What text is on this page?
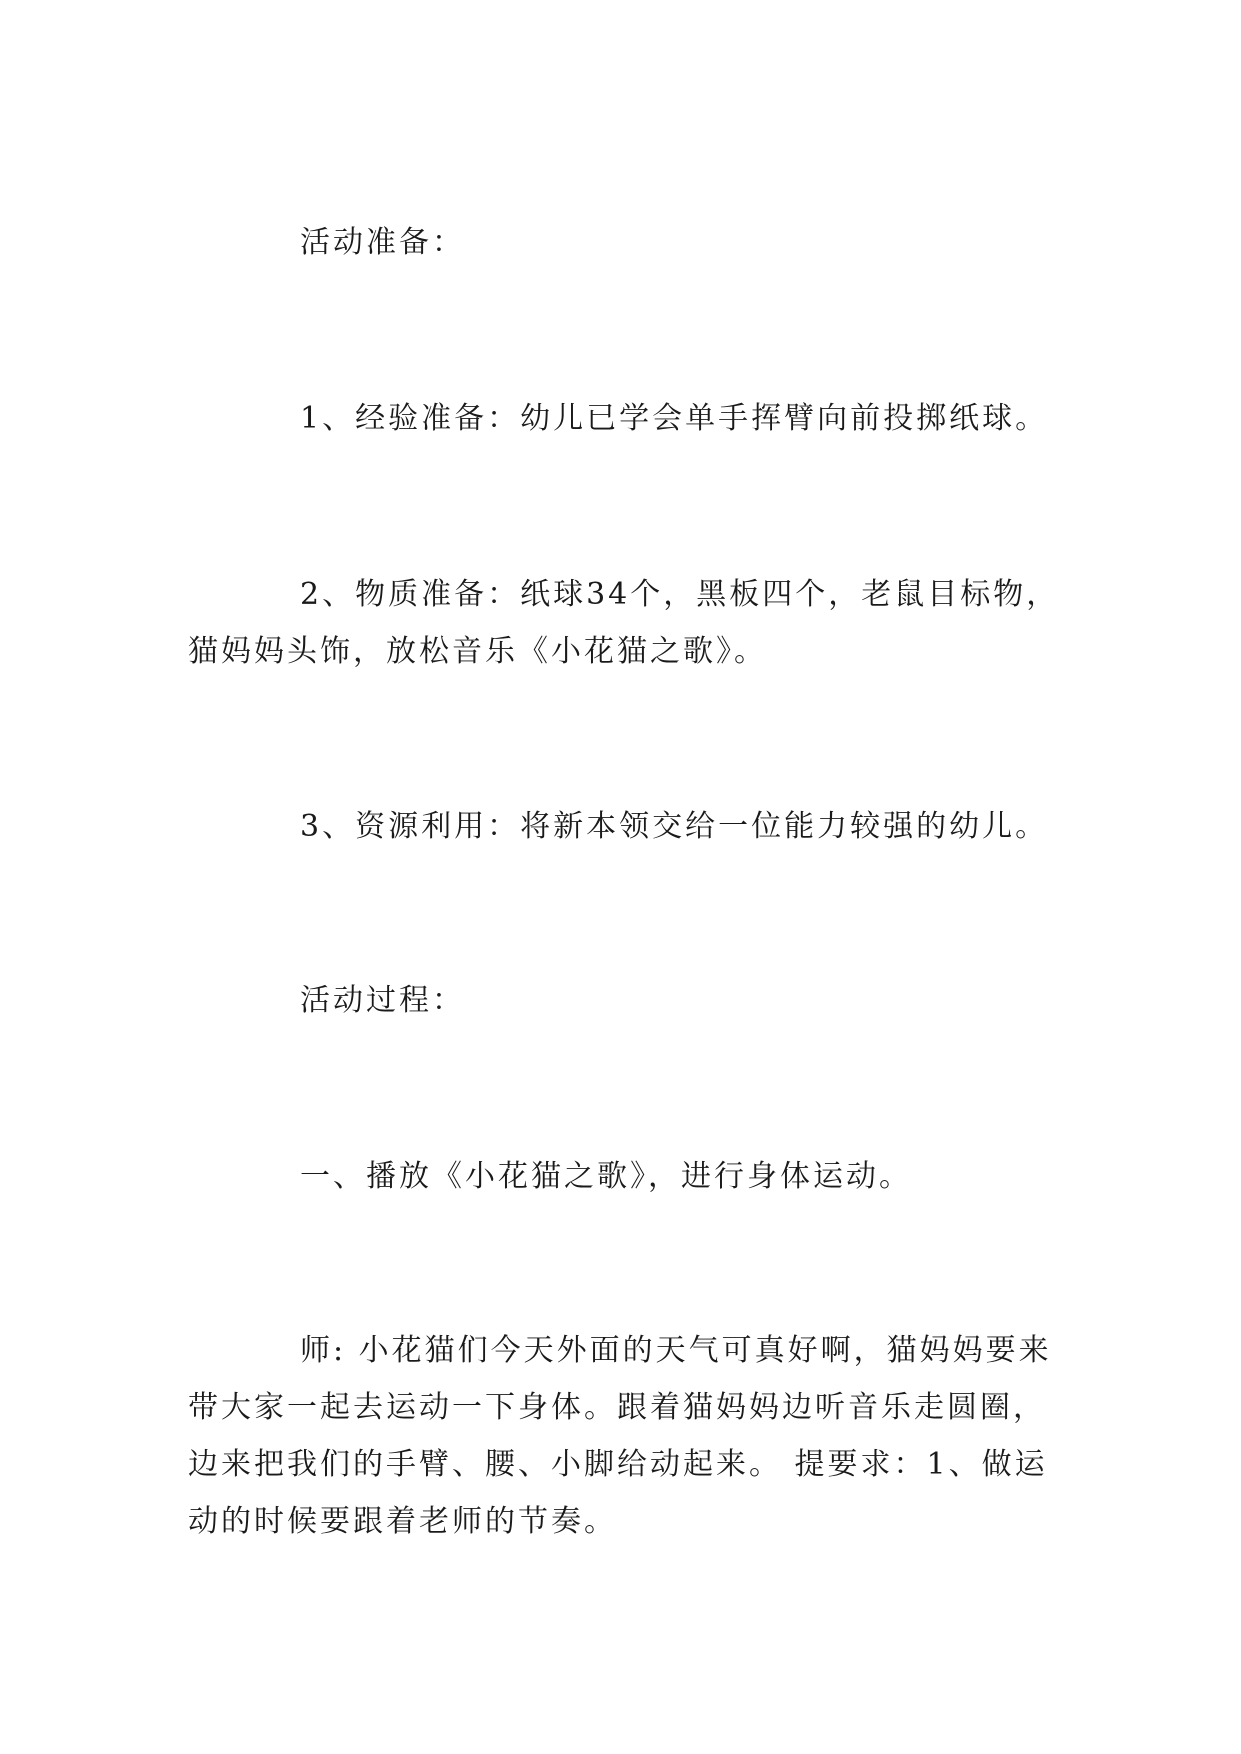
活动准备：

1、经验准备：幼儿已学会单手挥臂向前投掷纸球。

2、物质准备：纸球34个，黑板四个，老鼠目标物，猫妈妈头饰，放松音乐《小花猫之歌》。

3、资源利用：将新本领交给一位能力较强的幼儿。

活动过程：

一、播放《小花猫之歌》，进行身体运动。

师: 小花猫们今天外面的天气可真好啊，猫妈妈要来带大家一起去运动一下身体。跟着猫妈妈边听音乐走圆圈，边来把我们的手臂、腰、小脚给动起来。 提要求：1、做运动的时候要跟着老师的节奏。
